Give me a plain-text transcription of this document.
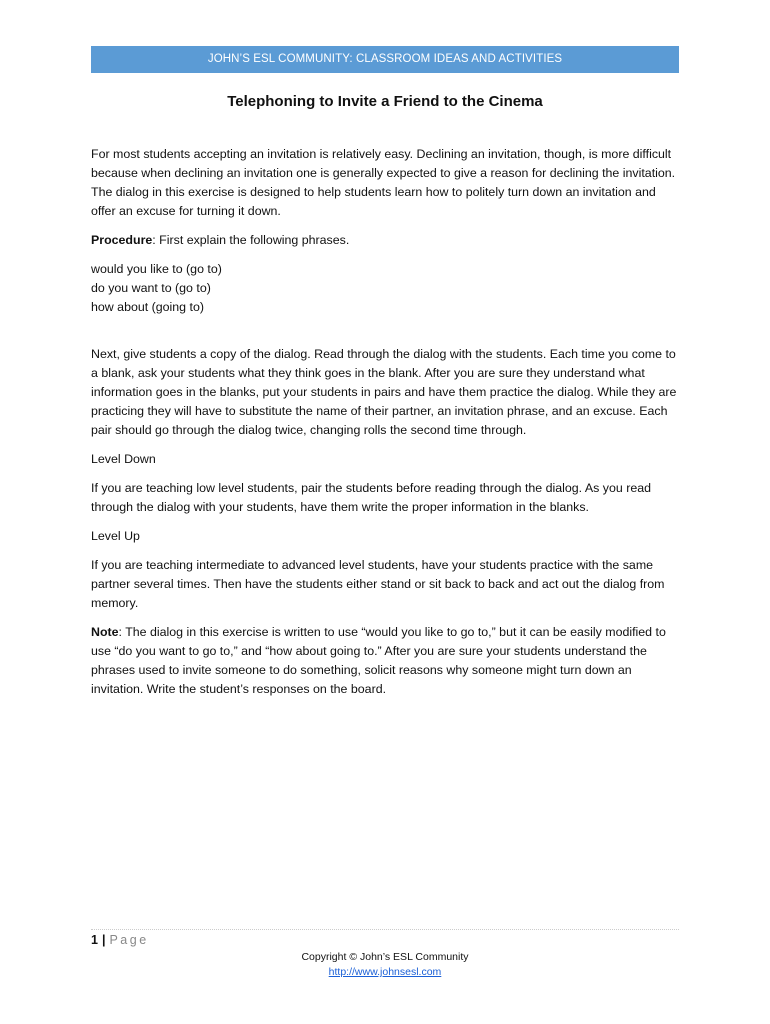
JOHN’S ESL COMMUNITY: CLASSROOM IDEAS AND ACTIVITIES
Telephoning to Invite a Friend to the Cinema

For most students accepting an invitation is relatively easy. Declining an invitation, though, is more difficult because when declining an invitation one is generally expected to give a reason for declining the invitation. The dialog in this exercise is designed to help students learn how to politely turn down an invitation and offer an excuse for turning it down.

Procedure: First explain the following phrases.

would you like to (go to)
do you want to (go to)
how about (going to)

Next, give students a copy of the dialog. Read through the dialog with the students. Each time you come to a blank, ask your students what they think goes in the blank. After you are sure they understand what information goes in the blanks, put your students in pairs and have them practice the dialog. While they are practicing they will have to substitute the name of their partner, an invitation phrase, and an excuse. Each pair should go through the dialog twice, changing rolls the second time through.

Level Down

If you are teaching low level students, pair the students before reading through the dialog. As you read through the dialog with your students, have them write the proper information in the blanks.

Level Up

If you are teaching intermediate to advanced level students, have your students practice with the same partner several times. Then have the students either stand or sit back to back and act out the dialog from memory.

Note: The dialog in this exercise is written to use “would you like to go to,” but it can be easily modified to use “do you want to go to,” and “how about going to.” After you are sure your students understand the phrases used to invite someone to do something, solicit reasons why someone might turn down an invitation. Write the student’s responses on the board.

1 | Page
Copyright © John’s ESL Community
http://www.johnsesl.com
